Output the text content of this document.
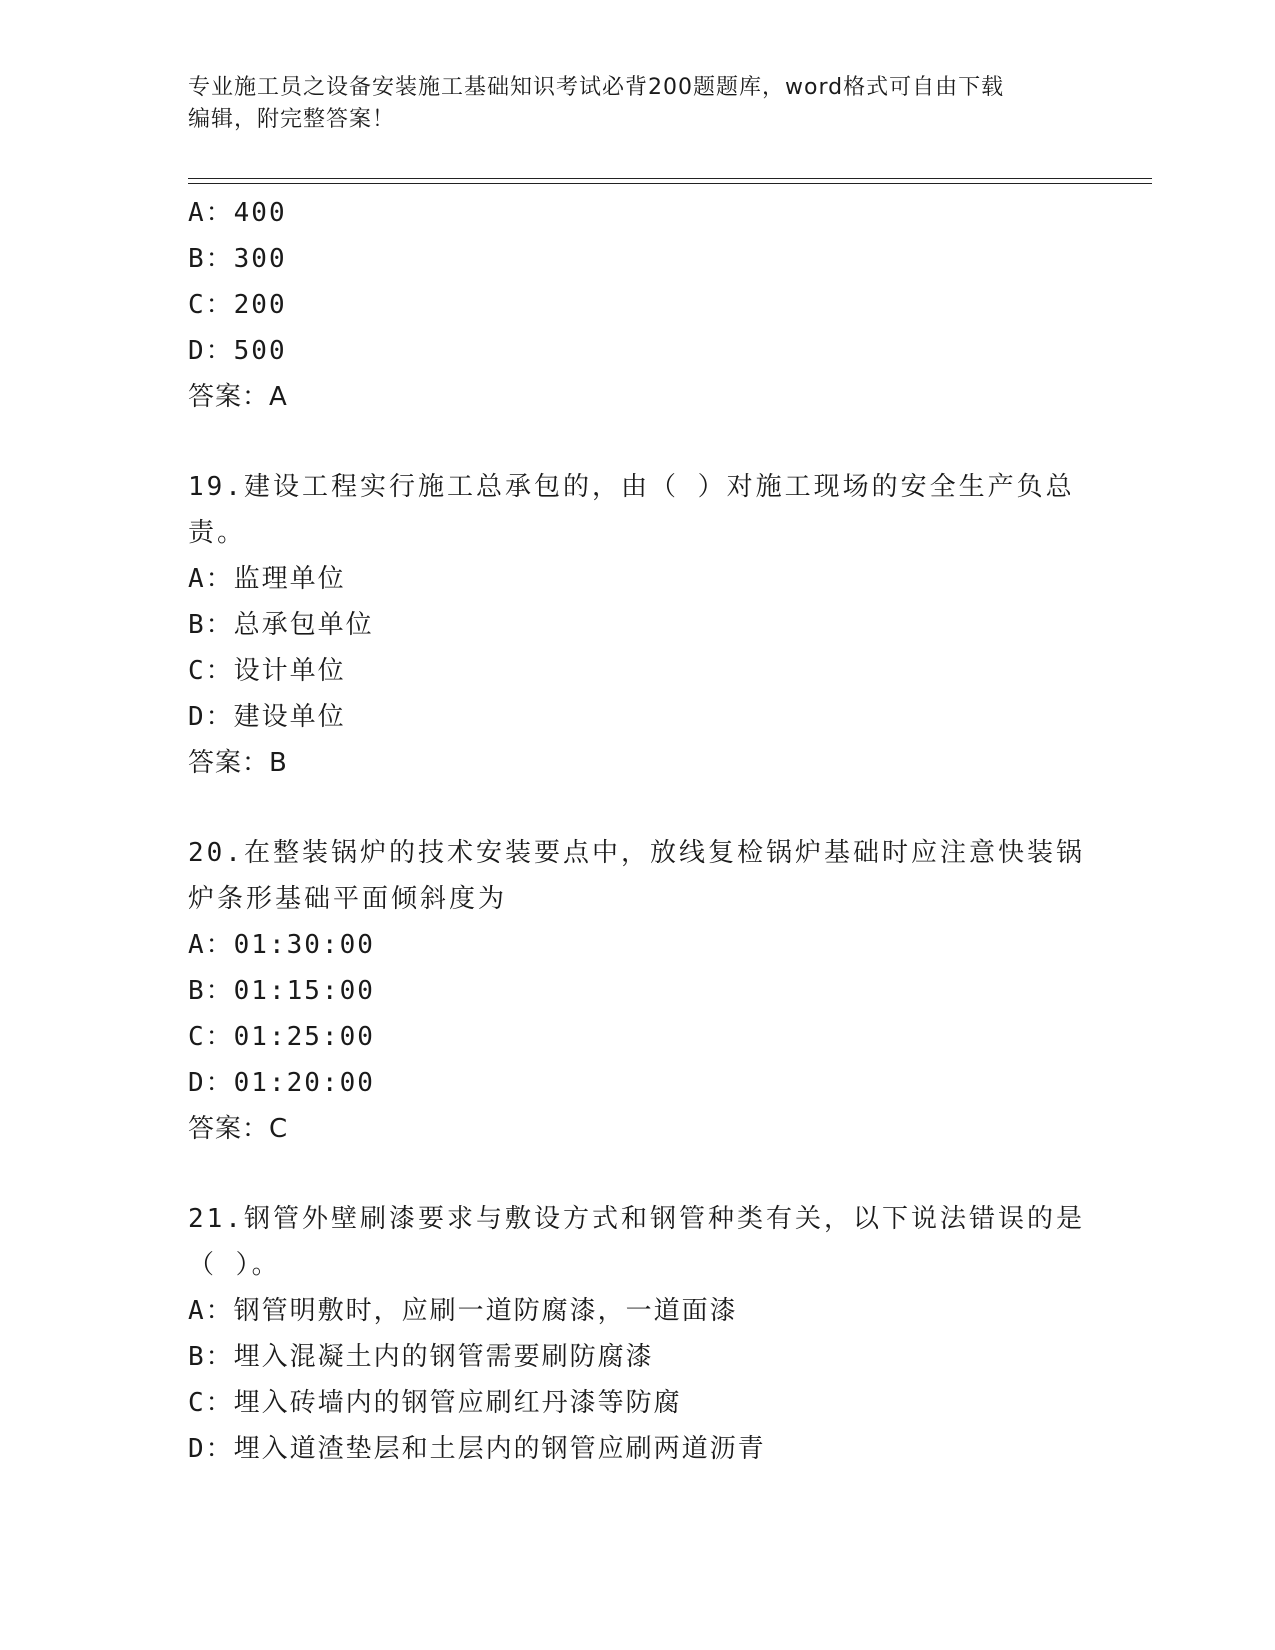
专业施工员之设备安装施工基础知识考试必背200题题库，word格式可自由下载
编辑，附完整答案！
A：400
B：300
C：200
D：500
答案：A
19.建设工程实行施工总承包的，由（ ）对施工现场的安全生产负总
责。
A：监理单位
B：总承包单位
C：设计单位
D：建设单位
答案：B
20.在整装锅炉的技术安装要点中，放线复检锅炉基础时应注意快装锅
炉条形基础平面倾斜度为
A：01:30:00
B：01:15:00
C：01:25:00
D：01:20:00
答案：C
21.钢管外壁刷漆要求与敷设方式和钢管种类有关，以下说法错误的是
（ ）。
A：钢管明敷时，应刷一道防腐漆，一道面漆
B：埋入混凝土内的钢管需要刷防腐漆
C：埋入砖墙内的钢管应刷红丹漆等防腐
D：埋入道渣垫层和土层内的钢管应刷两道沥青
